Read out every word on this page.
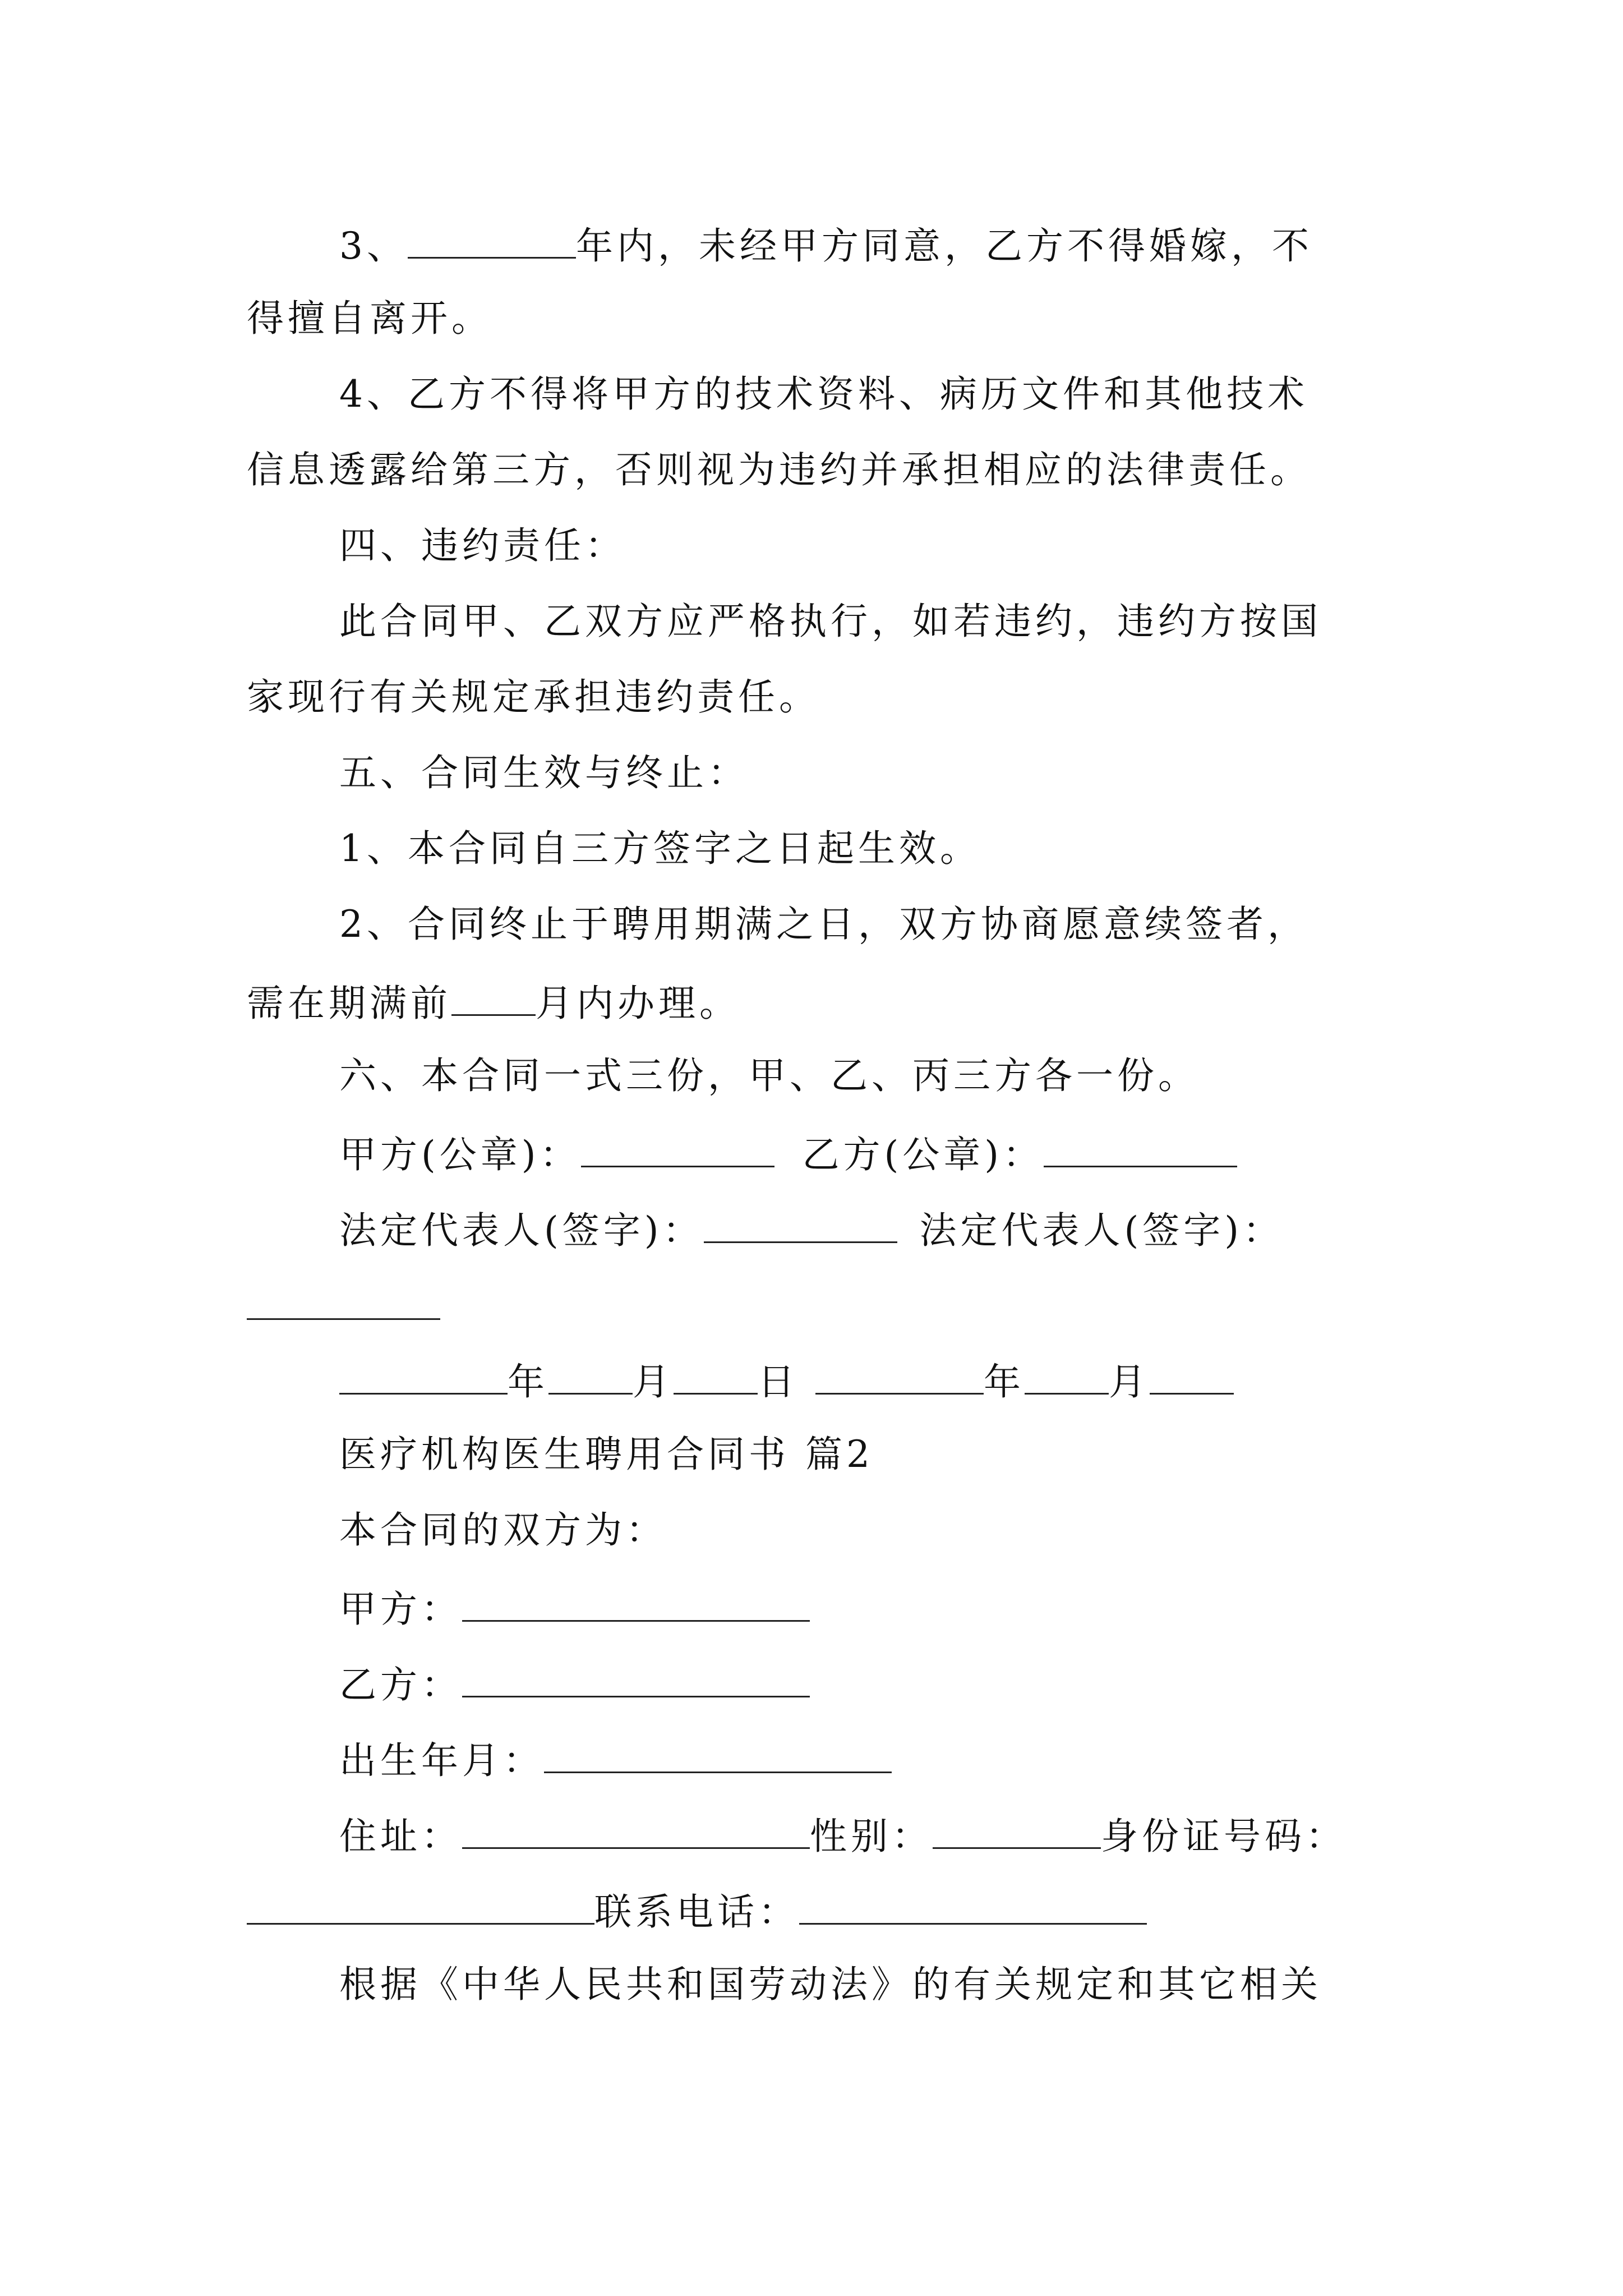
3、	年内，未经甲方同意，乙方不得婚嫁，不
得擅自离开。
4、乙方不得将甲方的技术资料、病历文件和其他技术
信息透露给第三方，否则视为违约并承担相应的法律责任。
四、违约责任：
此合同甲、乙双方应严格执行，如若违约，违约方按国
家现行有关规定承担违约责任。
五、合同生效与终止：
1、本合同自三方签字之日起生效。
2、合同终止于聘用期满之日，双方协商愿意续签者，
需在期满前 月内办理。
六、本合同一式三份，甲、乙、丙三方各一份。
甲方(公章)：	乙方(公章)：
法定代表人(签字)：	法定代表人(签字)：
年 月 日	年 月
医疗机构医生聘用合同书 篇2
本合同的双方为：
甲方：
乙方：
出生年月：
住址：	性别：	身份证号码：
联系电话：
根据《中华人民共和国劳动法》的有关规定和其它相关
